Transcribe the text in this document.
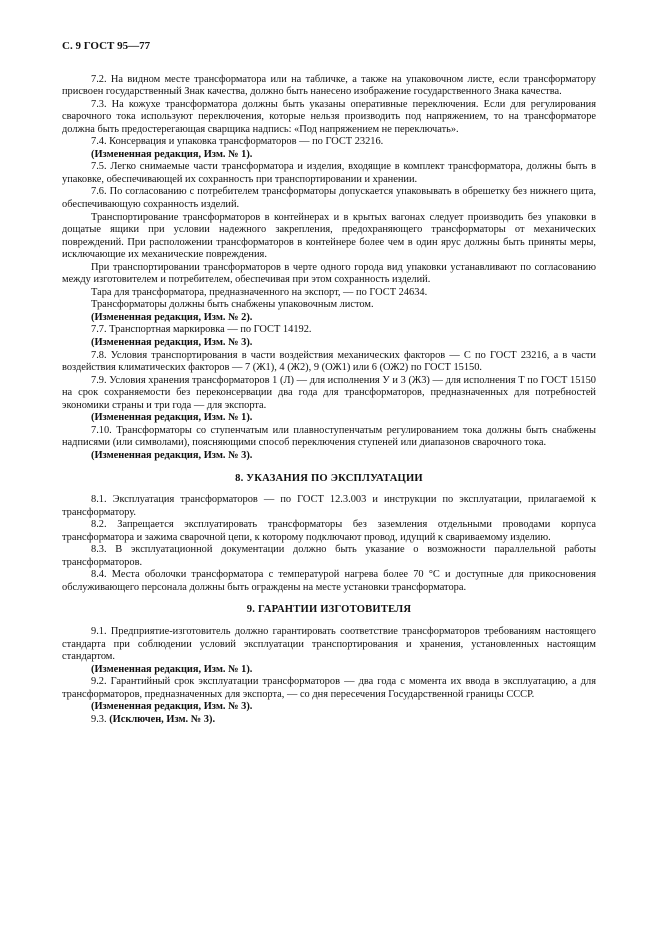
С. 9 ГОСТ 95—77

7.2. На видном месте трансформатора или на табличке, а также на упаковочном листе, если трансформатору присвоен государственный Знак качества, должно быть нанесено изображение государственного Знака качества.

7.3. На кожухе трансформатора должны быть указаны оперативные переключения. Если для регулирования сварочного тока используют переключения, которые нельзя производить под напряжением, то на трансформаторе должна быть предостерегающая сварщика надпись: «Под напряжением не переключать».

7.4. Консервация и упаковка трансформаторов — по ГОСТ 23216.

(Измененная редакция, Изм. № 1).

7.5. Легко снимаемые части трансформатора и изделия, входящие в комплект трансформатора, должны быть в упаковке, обеспечивающей их сохранность при транспортировании и хранении.

7.6. По согласованию с потребителем трансформаторы допускается упаковывать в обрешетку без нижнего щита, обеспечивающую сохранность изделий.

Транспортирование трансформаторов в контейнерах и в крытых вагонах следует производить без упаковки в дощатые ящики при условии надежного закрепления, предохраняющего трансформаторы от механических повреждений. При расположении трансформаторов в контейнере более чем в один ярус должны быть приняты меры, исключающие их механические повреждения.

При транспортировании трансформаторов в черте одного города вид упаковки устанавливают по согласованию между изготовителем и потребителем, обеспечивая при этом сохранность изделий.

Тара для трансформатора, предназначенного на экспорт, — по ГОСТ 24634.

Трансформаторы должны быть снабжены упаковочным листом.

(Измененная редакция, Изм. № 2).

7.7. Транспортная маркировка — по ГОСТ 14192.

(Измененная редакция, Изм. № 3).

7.8. Условия транспортирования в части воздействия механических факторов — С по ГОСТ 23216, а в части воздействия климатических факторов — 7 (Ж1), 4 (Ж2), 9 (ОЖ1) или 6 (ОЖ2) по ГОСТ 15150.

7.9. Условия хранения трансформаторов 1 (Л) — для исполнения У и 3 (Ж3) — для исполнения Т по ГОСТ 15150 на срок сохраняемости без переконсервации два года для трансформаторов, предназначенных для потребностей экономики страны и три года — для экспорта.

(Измененная редакция, Изм. № 1).

7.10. Трансформаторы со ступенчатым или плавноступенчатым регулированием тока должны быть снабжены надписями (или символами), поясняющими способ переключения ступеней или диапазонов сварочного тока.

(Измененная редакция, Изм. № 3).

8. УКАЗАНИЯ ПО ЭКСПЛУАТАЦИИ

8.1. Эксплуатация трансформаторов — по ГОСТ 12.3.003 и инструкции по эксплуатации, прилагаемой к трансформатору.

8.2. Запрещается эксплуатировать трансформаторы без заземления отдельными проводами корпуса трансформатора и зажима сварочной цепи, к которому подключают провод, идущий к свариваемому изделию.

8.3. В эксплуатационной документации должно быть указание о возможности параллельной работы трансформаторов.

8.4. Места оболочки трансформатора с температурой нагрева более 70 °С и доступные для прикосновения обслуживающего персонала должны быть ограждены на месте установки трансформатора.

9. ГАРАНТИИ ИЗГОТОВИТЕЛЯ

9.1. Предприятие-изготовитель должно гарантировать соответствие трансформаторов требованиям настоящего стандарта при соблюдении условий эксплуатации транспортирования и хранения, установленных настоящим стандартом.

(Измененная редакция, Изм. № 1).

9.2. Гарантийный срок эксплуатации трансформаторов — два года с момента их ввода в эксплуатацию, а для трансформаторов, предназначенных для экспорта, — со дня пересечения Государственной границы СССР.

(Измененная редакция, Изм. № 3).

9.3. (Исключен, Изм. № 3).
